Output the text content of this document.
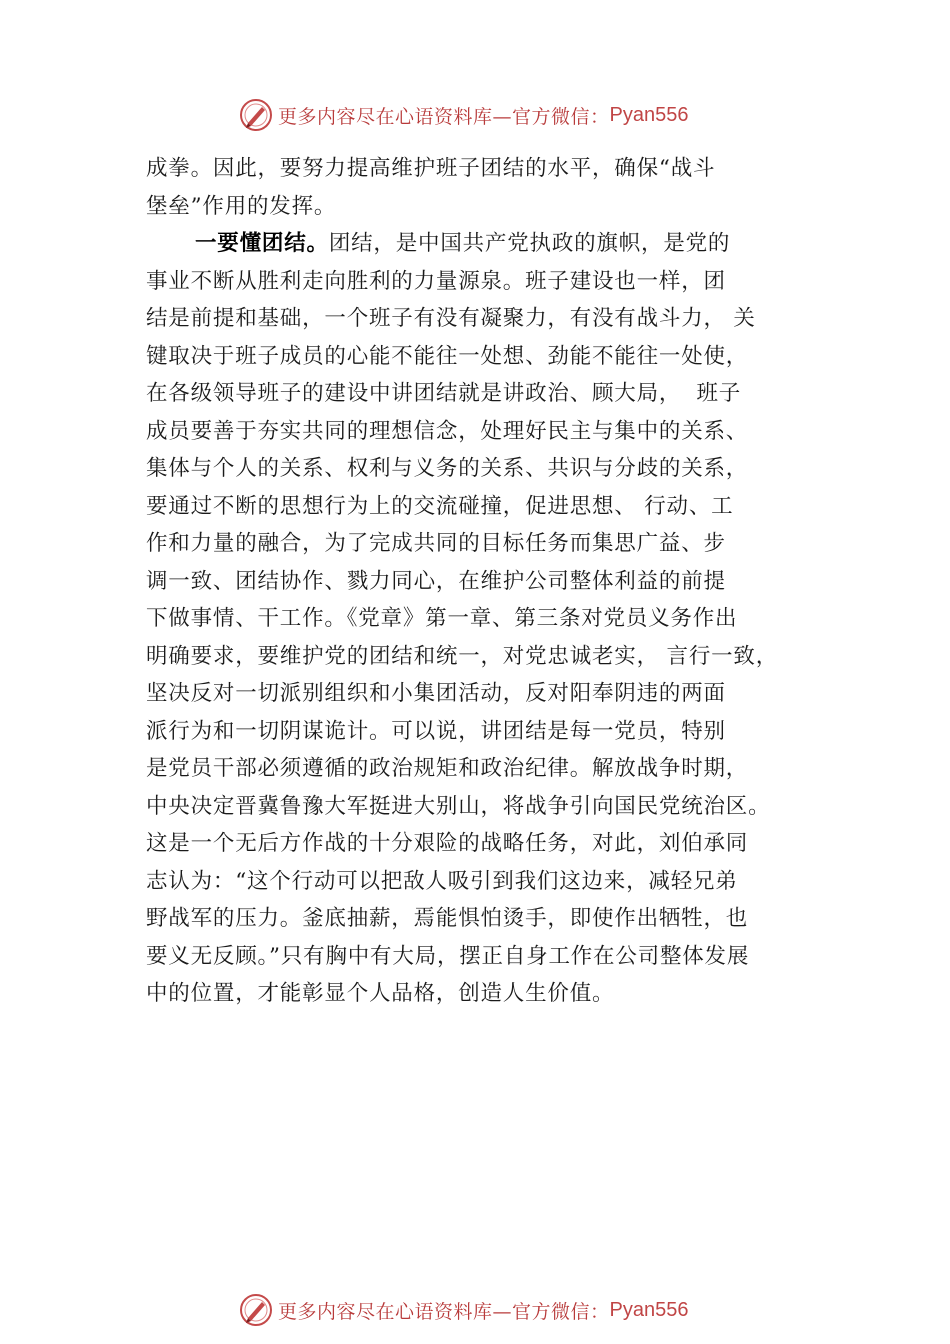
更多内容尽在心语资料库—官方微信： Pyan556
成拳。因此，要努力提高维护班子团结的水平，确保“战斗
堡垒”作用的发挥。
一要懂团结。团结，是中国共产党执政的旗帜，是党的
事业不断从胜利走向胜利的力量源泉。班子建设也一样，团
结是前提和基础，一个班子有没有凝聚力，有没有战斗力， 关
键取决于班子成员的心能不能往一处想、劲能不能往一处使，
在各级领导班子的建设中讲团结就是讲政治、顾大局，  班子
成员要善于夯实共同的理想信念，处理好民主与集中的关系、
集体与个人的关系、权利与义务的关系、共识与分歧的关系，
要通过不断的思想行为上的交流碰撞，促进思想、 行动、工
作和力量的融合，为了完成共同的目标任务而集思广益、步
调一致、团结协作、戮力同心，在维护公司整体利益的前提
下做事情、干工作。《党章》第一章、第三条对党员义务作出
明确要求，要维护党的团结和统一，对党忠诚老实， 言行一致，
坚决反对一切派别组织和小集团活动，反对阳奉阴违的两面
派行为和一切阴谋诡计。可以说，讲团结是每一党员，特别
是党员干部必须遵循的政治规矩和政治纪律。解放战争时期，
中央决定晋冀鲁豫大军挺进大别山，将战争引向国民党统治区。
这是一个无后方作战的十分艰险的战略任务，对此，刘伯承同
志认为：“这个行动可以把敌人吸引到我们这边来，减轻兄弟
野战军的压力。釜底抽薪，焉能惧怕烫手，即使作出牺牲，也
要义无反顾。”只有胸中有大局，摆正自身工作在公司整体发展
中的位置，才能彰显个人品格，创造人生价值。
更多内容尽在心语资料库—官方微信： Pyan556
